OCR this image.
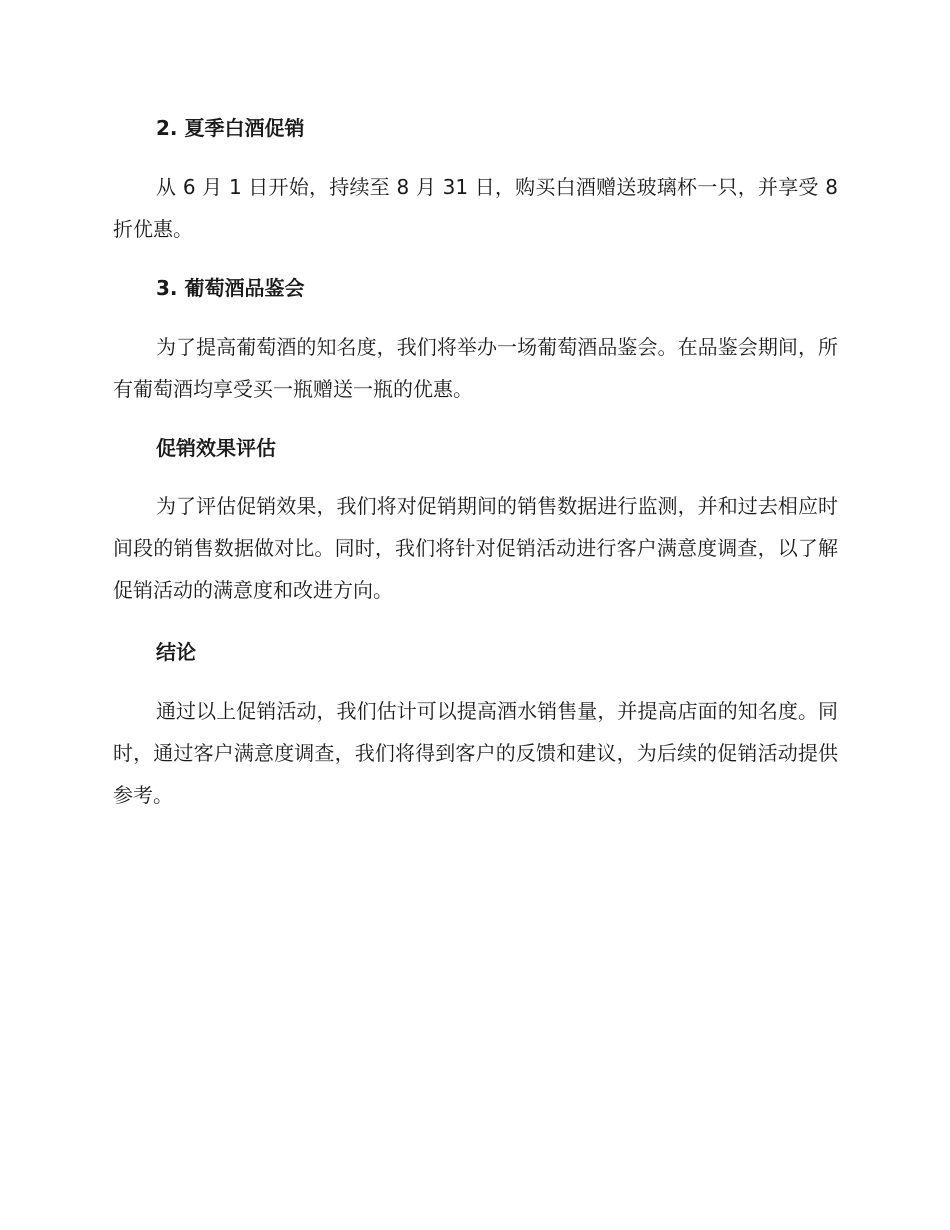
2. 夏季白酒促销

从 6 月 1 日开始，持续至 8 月 31 日，购买白酒赠送玻璃杯一只，并享受 8 折优惠。

3. 葡萄酒品鉴会

为了提高葡萄酒的知名度，我们将举办一场葡萄酒品鉴会。在品鉴会期间，所有葡萄酒均享受买一瓶赠送一瓶的优惠。

促销效果评估

为了评估促销效果，我们将对促销期间的销售数据进行监测，并和过去相应时间段的销售数据做对比。同时，我们将针对促销活动进行客户满意度调查，以了解促销活动的满意度和改进方向。

结论

通过以上促销活动，我们估计可以提高酒水销售量，并提高店面的知名度。同时，通过客户满意度调查，我们将得到客户的反馈和建议，为后续的促销活动提供参考。
